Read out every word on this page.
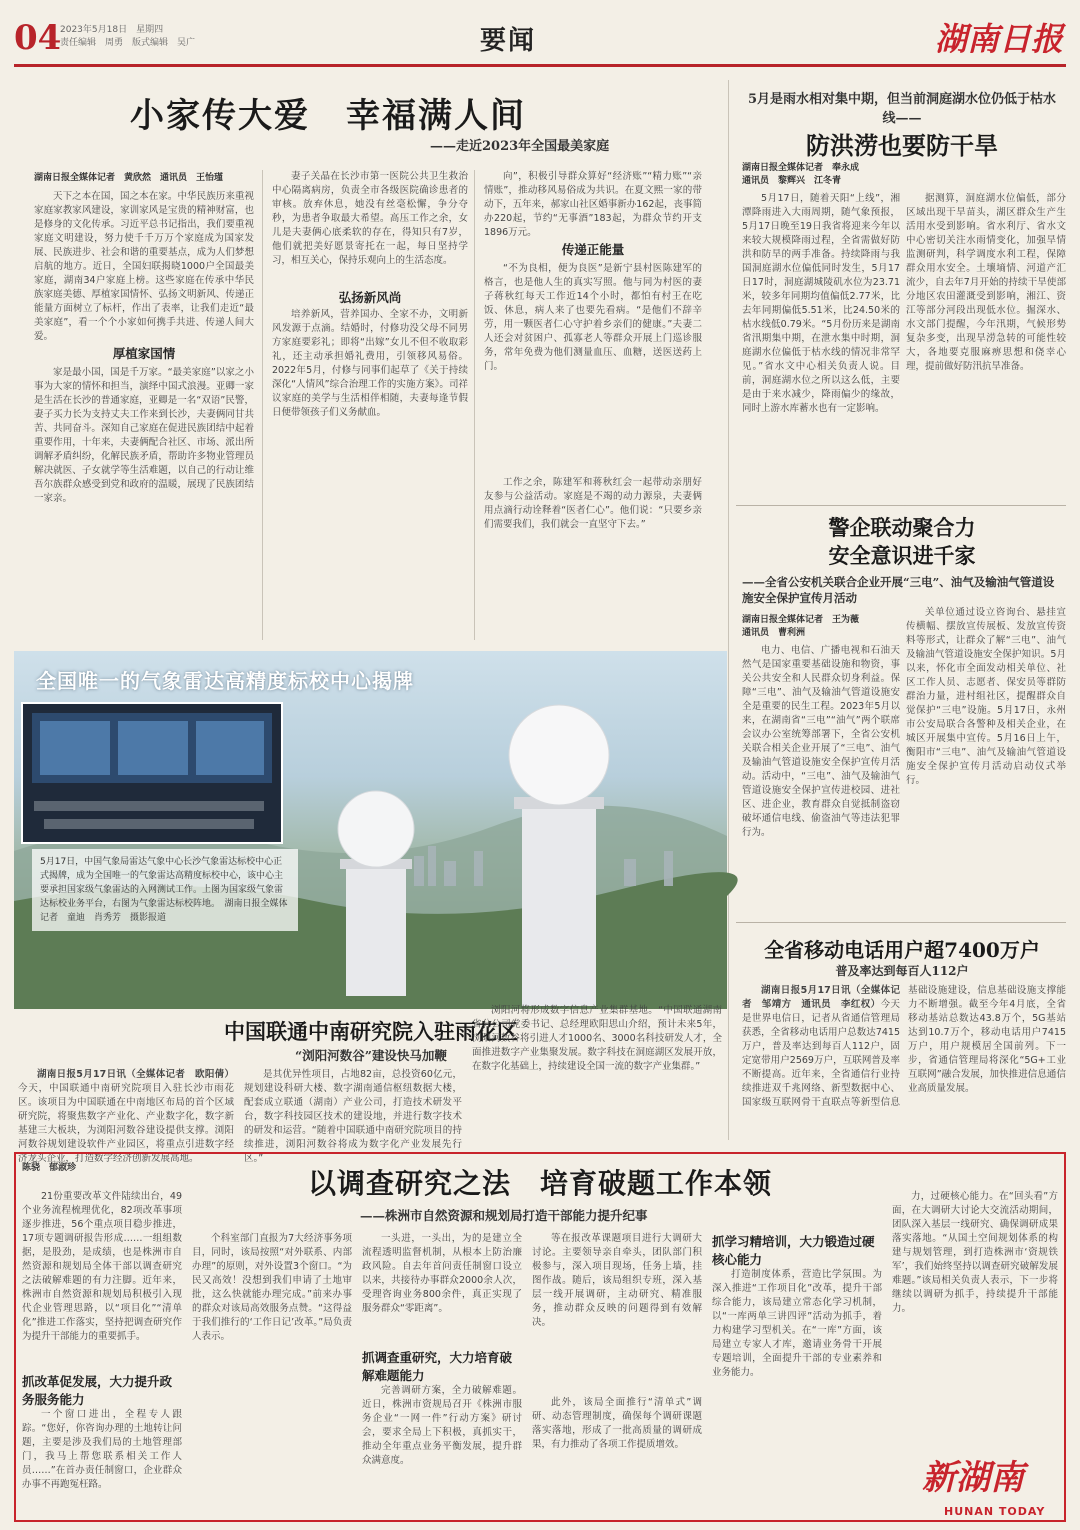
04
2023年5月18日　星期四
责任编辑　周勇　版式编辑　吴广	要闻	湖南日报
小家传大爱　幸福满人间
——走近2023年全国最美家庭
湖南日报全媒体记者　黄欣然　通讯员　王怡瑾

天下之本在国，国之本在家。中华民族历来重视家庭家教家风建设，家训家风是宝贵的精神财富，也是修身的文化传承。习近平总书记指出，我们要重视家庭文明建设，努力使千千万万个家庭成为国家发展、民族进步、社会和谐的重要基点，成为人们梦想启航的地方。近日，全国妇联揭晓1000户全国最美家庭，湖南34户家庭上榜。这些家庭在传承中华民族家庭美德、厚植家国情怀、弘扬文明新风、传递正能量方面树立了标杆，作出了表率，让我们走近“最美家庭”，看一个个小家如何携手共进、传递人间大爱。

厚植家国情

家是最小国，国是千万家。“最美家庭”以家之小事为大家的情怀和担当，演绎中国式浪漫。亚卿一家是生活在长沙的普通家庭，亚卿是一名“双语”民警，妻子买力长为支持丈夫工作来到长沙，夫妻俩同甘共苦、共同奋斗。深知自己家庭在促进民族团结中起着重要作用，十年来，夫妻俩配合社区、市场、派出所调解矛盾纠纷，化解民族矛盾，帮助许多物业管理员解决就医、子女就学等生活难题，以自己的行动让维吾尔族群众感受到党和政府的温暖，展现了民族团结一家亲。

妻子关晶在长沙市第一医院公共卫生救治中心隔离病房，负责全市各级医院确诊患者的审核。放弃休息，她没有丝毫松懈，争分夺秒，为患者争取最大希望。高压工作之余，女儿是夫妻俩心底柔软的存在，得知只有7岁，他们就把美好愿景寄托在一起，每日坚持学习，相互关心，保持乐观向上的生活态度。

弘扬新风尚

培养新风，营养国办、全家不办，文明新风发源于点滴。结婚时，付修功没父母不同男方家庭要彩礼；即将“出嫁”女儿不但不收取彩礼，还主动承担婚礼费用，引领移风易俗。2022年5月，付修与同事们起草了《关于持续深化“人情风”综合治理工作的实施方案》。司祥议家庭的美学与生活相伴相随，夫妻每逢节假日便带领孩子们义务献血。

向”，积极引导群众算好“经济账”“精力账”“亲情账”，推动移风易俗成为共识。在夏文熙一家的带动下，五年来，郝家山社区婚事新办162起，丧事简办220起，节约“无事酒”183起，为群众节约开支1896万元。

传递正能量

“不为良相，便为良医”是新宁县村医陈建军的格言，也是他人生的真实写照。他与同为村医的妻子蒋秋红每天工作近14个小时，都怕有村王在吃饭、休息，病人来了也要先看病。“是他们不辞辛劳，用一颗医者仁心守护着乡亲们的健康。”夫妻二人还会对贫困户、孤寡老人等群众开展上门巡诊服务，常年免费为他们测量血压、血糖，送医送药上门。

工作之余，陈建军和蒋秋红会一起带动亲朋好友参与公益活动。家庭是不竭的动力源泉，夫妻俩用点滴行动诠释着“医者仁心”。他们说：“只要乡亲们需要我们，我们就会一直坚守下去。”

5月是雨水相对集中期，但当前洞庭湖水位仍低于枯水线——
防洪涝也要防干旱
湖南日报全媒体记者　奉永成
通讯员　黎辉兴　江冬青

5月17日，随着天阳“上线”，湘潭降雨进入大雨周期，随气象预报，5月17日晚至19日我省将迎来今年以来较大规模降雨过程，全省需做好防洪和防旱的两手准备。持续降雨与我国洞庭湖水位偏低同时发生，5月17日17时，洞庭湖城陵矶水位为23.71米，较多年同期均值偏低2.77米，比去年同期偏低5.51米，比24.50米的枯水线低0.79米。“5月份历来是湖南省汛期集中期，在泄水集中时期，洞庭湖水位偏低于枯水线的情况非常罕见。”省水文中心相关负责人说。目前，洞庭湖水位之所以这么低，主要是由于来水减少，降雨偏少的缘故，同时上游水库蓄水也有一定影响。

据测算，洞庭湖水位偏低，部分区域出现干旱苗头，湖区群众生产生活用水受到影响。省水利厅、省水文中心密切关注水雨情变化，加强旱情监测研判，科学调度水利工程，保障群众用水安全。土壤墒情、河道产汇流少，自去年7月开始的持续干旱使部分地区农田灌溉受到影响，湘江、资江等部分河段出现低水位。掘深水、水文部门提醒，今年汛期，气候形势复杂多变，出现旱涝急转的可能性较大，各地要克服麻痹思想和侥幸心理，提前做好防汛抗旱准备。

警企联动聚合力
安全意识进千家
——全省公安机关联合企业开展“三电”、油气及输油气管道设施安全保护宣传月活动
湖南日报全媒体记者　王为薇
通讯员　曹利洲

电力、电信、广播电视和石油天然气是国家重要基础设施和物资，事关公共安全和人民群众切身利益。保障“三电”、油气及输油气管道设施安全是重要的民生工程。2023年5月以来，在湖南省“三电”“油气”两个联席会议办公室统筹部署下，全省公安机关联合相关企业开展了“三电”、油气及输油气管道设施安全保护宣传月活动。活动中，“三电”、油气及输油气管道设施安全保护宣传进校园、进社区、进企业，教育群众自觉抵制盗窃破坏通信电线、偷盗油气等违法犯罪行为。

关单位通过设立咨询台、悬挂宣传横幅、摆放宣传展板、发放宣传资料等形式，让群众了解“三电”、油气及输油气管道设施安全保护知识。5月以来，怀化市全面发动相关单位、社区工作人员、志愿者、保安员等群防群治力量，进村组社区，提醒群众自觉保护“三电”设施。5月17日，永州市公安局联合各警种及相关企业，在城区开展集中宣传。5月16日上午，衡阳市“三电”、油气及输油气管道设施安全保护宣传月活动启动仪式举行。

全省移动电话用户超7400万户
普及率达到每百人112户

湖南日报5月17日讯（全媒体记者　邹靖方　通讯员　李红权）今天是世界电信日，记者从省通信管理局获悉，全省移动电话用户总数达7415万户，普及率达到每百人112户，固定宽带用户2569万户，互联网普及率不断提高。近年来，全省通信行业持续推进双千兆网络、新型数据中心、国家级互联网骨干直联点等新型信息基础设施建设，信息基础设施支撑能力不断增强。截至今年4月底，全省移动基站总数达43.8万个，5G基站达到10.7万个，移动电话用户7415万户，用户规模居全国前列。下一步，省通信管理局将深化“5G+工业互联网”融合发展，加快推进信息通信业高质量发展。

全国唯一的气象雷达高精度标校中心揭牌
5月17日，中国气象局雷达气象中心长沙气象雷达标校中心正式揭牌，成为全国唯一的气象雷达高精度标校中心，该中心主要承担国家级气象雷达的入网测试工作。上图为国家级气象雷达标校业务平台，右图为气象雷达标校阵地。　湖南日报全媒体记者　童迪　肖秀芳　摄影报道
中国联通中南研究院入驻雨花区
“浏阳河数谷”建设快马加鞭

湖南日报5月17日讯（全媒体记者　欧阳倩）今天，中国联通中南研究院项目入驻长沙市雨花区。该项目为中国联通在中南地区布局的首个区域研究院，将聚焦数字产业化、产业数字化，数字新基建三大板块，为浏阳河数谷建设提供支撑。浏阳河数谷规划建设软件产业园区，将重点引进数字经济龙头企业，打造数字经济创新发展高地。

是其优异性项目，占地82亩，总投资60亿元，规划建设科研大楼、数字湖南通信枢纽数据大楼，配套成立联通（湖南）产业公司，打造技术研发平台，数字科技园区技术的建设地，并进行数字技术的研发和运营。“随着中国联通中南研究院项目的持续推进，浏阳河数谷将成为数字化产业发展先行区。”

浏阳河将形成数字信息产业集群基地。“中国联通湖南省分公司党委书记、总经理欧阳思山介绍，预计未来5年，浏阳河数谷将引进人才1000名、3000名科技研发人才，全面推进数字产业集聚发展。数字科技在洞庭湖区发展开放，在数字化基础上，持续建设全国一流的数字产业集群。”

陈骁　郁淑珍	以调查研究之法　培育破题工作本领
——株洲市自然资源和规划局打造干部能力提升纪事

21份重要改革文件陆续出台，49个业务流程梳理优化，82项改革事项逐步推进，56个重点项目稳步推进，17项专题调研报告形成……一组组数据，是股劲，是成绩，也是株洲市自然资源和规划局全体干部以调查研究之法破解难题的有力注脚。近年来，株洲市自然资源和规划局积极引入现代企业管理思路，以“项目化”“清单化”推进工作落实，坚持把调查研究作为提升干部能力的重要抓手。

抓改革促发展，大力提升政务服务能力

一个窗口进出，全程专人跟踪。“您好，你咨询办理的土地转让问题，主要是涉及我们局的土地管理部门，我马上帮您联系相关工作人员……”在首办责任制窗口，企业群众办事不再跑冤枉路。

个科室部门直报为7大经济事务项目，同时，该局按照“对外联系、内部办理”的原则，对外设置3个窗口。“为民又高效！没想到我们申请了土地审批，这么快就能办理完成。”前来办事的群众对该局高效服务点赞。“这得益于我们推行的‘工作日记’改革。”局负责人表示。

一头进，一头出，为的是建立全流程透明监督机制，从根本上防治廉政风险。自去年首问责任制窗口设立以来，共接待办事群众2000余人次，受理咨询业务800余件，真正实现了服务群众“零距离”。

抓调查重研究，大力培育破解难题能力

完善调研方案，全力破解难题。近日，株洲市资规局召开《株洲市服务企业“一网一件”行动方案》研讨会，要求全局上下积极，真抓实干，推动全年重点业务平衡发展，提升群众满意度。

等在报改革课题项目进行大调研大讨论。主要领导亲自牵头，团队部门积极参与，深入项目现场，任务上墙，挂图作战。随后，该局组织专班，深入基层一线开展调研，主动研究、精准服务，推动群众反映的问题得到有效解决。

此外，该局全面推行“清单式”调研、动态管理制度，确保每个调研课题落实落地，形成了一批高质量的调研成果，有力推动了各项工作提质增效。

抓学习精培训，大力锻造过硬核心能力

打造制度体系，营造比学氛围。为深入推进“工作项目化”改革，提升干部综合能力，该局建立常态化学习机制，以“一库两单三讲四评”活动为抓手，着力构建学习型机关。在“一库”方面，该局建立专家人才库，邀请业务骨干开展专题培训，全面提升干部的专业素养和业务能力。

力，过硬核心能力。在“回头看”方面，在大调研大讨论大交流活动期间，团队深入基层一线研究、确保调研成果落实落地。“从国土空间规划体系的构建与规划管理，到打造株洲市‘资规铁军’，我们始终坚持以调查研究破解发展难题。”该局相关负责人表示，下一步将继续以调研为抓手，持续提升干部能力。

新湖南
HUNAN TODAY
